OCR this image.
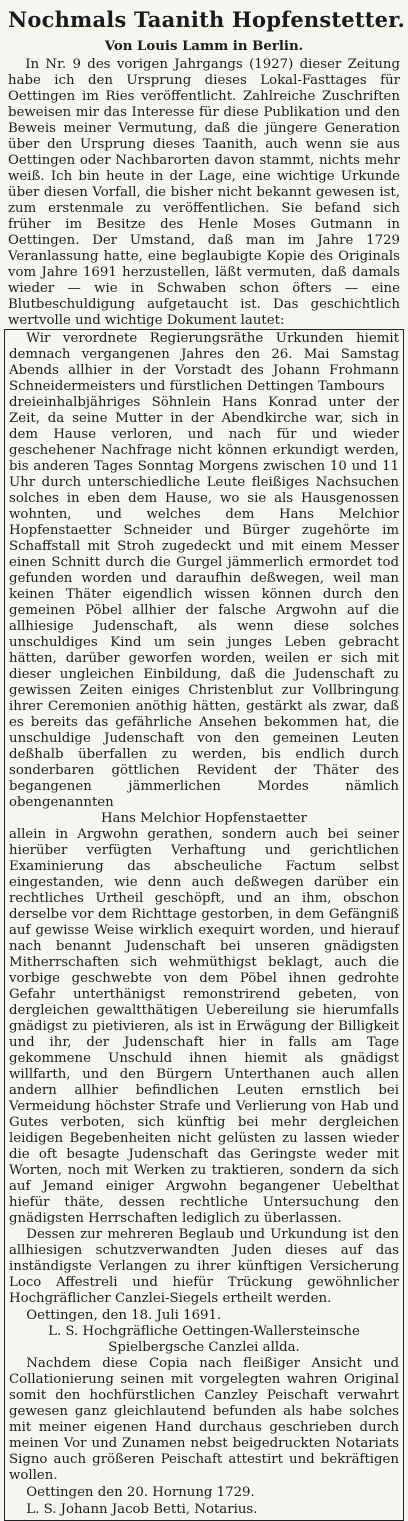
Nochmals Taanith Hopfenstetter.

Von Louis Lamm in Berlin.

In Nr. 9 des vorigen Jahrgangs (1927) dieser Zeitung habe ich den Ursprung dieses Lokal-Fasttages für Oettingen im Ries veröffentlicht. Zahlreiche Zuschriften beweisen mir das Interesse für diese Publikation und den Beweis meiner Vermutung, daß die jüngere Generation über den Ursprung dieses Taanith, auch wenn sie aus Oettingen oder Nachbarorten davon stammt, nichts mehr weiß. Ich bin heute in der Lage, eine wichtige Urkunde über diesen Vorfall, die bisher nicht bekannt gewesen ist, zum erstenmale zu veröffentlichen. Sie befand sich früher im Besitze des Henle Moses Gutmann in Oettingen. Der Umstand, daß man im Jahre 1729 Veranlassung hatte, eine beglaubigte Kopie des Originals vom Jahre 1691 herzustellen, läßt vermuten, daß damals wieder — wie in Schwaben schon öfters — eine Blutbeschuldigung aufgetaucht ist. Das geschichtlich wertvolle und wichtige Dokument lautet:

Wir verordnete Regierungsräthe Urkunden hiemit demnach vergangenen Jahres den 26. Mai Samstag Abends allhier in der Vorstadt des Johann Frohmann Schneidermeisters und fürstlichen Dettingen Tambours

dreieinhalbjähriges Söhnlein Hans Konrad unter der Zeit, da seine Mutter in der Abendkirche war, sich in dem Hause verloren, und nach für und wieder geschehener Nachfrage nicht können erkundigt werden, bis anderen Tages Sonntag Morgens zwischen 10 und 11 Uhr durch unterschiedliche Leute fleißiges Nachsuchen solches in eben dem Hause, wo sie als Hausgenossen wohnten, und welches dem Hans Melchior Hopfenstaetter Schneider und Bürger zugehörte im Schaffstall mit Stroh zugedeckt und mit einem Messer einen Schnitt durch die Gurgel jämmerlich ermordet tod gefunden worden und daraufhin deßwegen, weil man keinen Thäter eigendlich wissen können durch den gemeinen Pöbel allhier der falsche Argwohn auf die allhiesige Judenschaft, als wenn diese solches unschuldiges Kind um sein junges Leben gebracht hätten, darüber geworfen worden, weilen er sich mit dieser ungleichen Einbildung, daß die Judenschaft zu gewissen Zeiten einiges Christenblut zur Vollbringung ihrer Ceremonien anöthig hätten, gestärkt als zwar, daß es bereits das gefährliche Ansehen bekommen hat, die unschuldige Judenschaft von den gemeinen Leuten deßhalb überfallen zu werden, bis endlich durch sonderbaren göttlichen Revident der Thäter des begangenen jämmerlichen Mordes nämlich obengenannten

Hans Melchior Hopfenstaetter

allein in Argwohn gerathen, sondern auch bei seiner hierüber verfügten Verhaftung und gerichtlichen Examinierung das abscheuliche Factum selbst eingestanden, wie denn auch deßwegen darüber ein rechtliches Urtheil geschöpft, und an ihm, obschon derselbe vor dem Richttage gestorben, in dem Gefängniß auf gewisse Weise wirklich exequirt worden, und hierauf nach benannt Judenschaft bei unseren gnädigsten Mitherrschaften sich wehmüthigst beklagt, auch die vorbige geschwebte von dem Pöbel ihnen gedrohte Gefahr unterthänigst remonstrirend gebeten, von dergleichen gewaltthätigen Uebereilung sie hierumfalls gnädigst zu pietivieren, als ist in Erwägung der Billigkeit und ihr, der Judenschaft hier in falls am Tage gekommene Unschuld ihnen hiemit als gnädigst willfarth, und den Bürgern Unterthanen auch allen andern allhier befindlichen Leuten ernstlich bei Vermeidung höchster Strafe und Verlierung von Hab und Gutes verboten, sich künftig bei mehr dergleichen leidigen Begebenheiten nicht gelüsten zu lassen wieder die oft besagte Judenschaft das Geringste weder mit Worten, noch mit Werken zu traktieren, sondern da sich auf Jemand einiger Argwohn begangener Uebelthat hiefür thäte, dessen rechtliche Untersuchung den gnädigsten Herrschaften lediglich zu überlassen.

Dessen zur mehreren Beglaub und Urkundung ist den allhiesigen schutzverwandten Juden dieses auf das inständigste Verlangen zu ihrer künftigen Versicherung Loco Affestreli und hiefür Trückung gewöhnlicher Hochgräflicher Canzlei-Siegels ertheilt werden.

Oettingen, den 18. Juli 1691.

L. S. Hochgräfliche Oettingen-Wallersteinsche Spielbergsche Canzlei allda.

Nachdem diese Copia nach fleißiger Ansicht und Collationierung seinen mit vorgelegten wahren Original somit den hochfürstlichen Canzley Peischaft verwahrt gewesen ganz gleichlautend befunden als habe solches mit meiner eigenen Hand durchaus geschrieben durch meinen Vor und Zunamen nebst beigedruckten Notariats Signo auch größeren Peischaft attestirt und bekräftigen wollen.

Oettingen den 20. Hornung 1729.

L. S. Johann Jacob Betti, Notarius.
